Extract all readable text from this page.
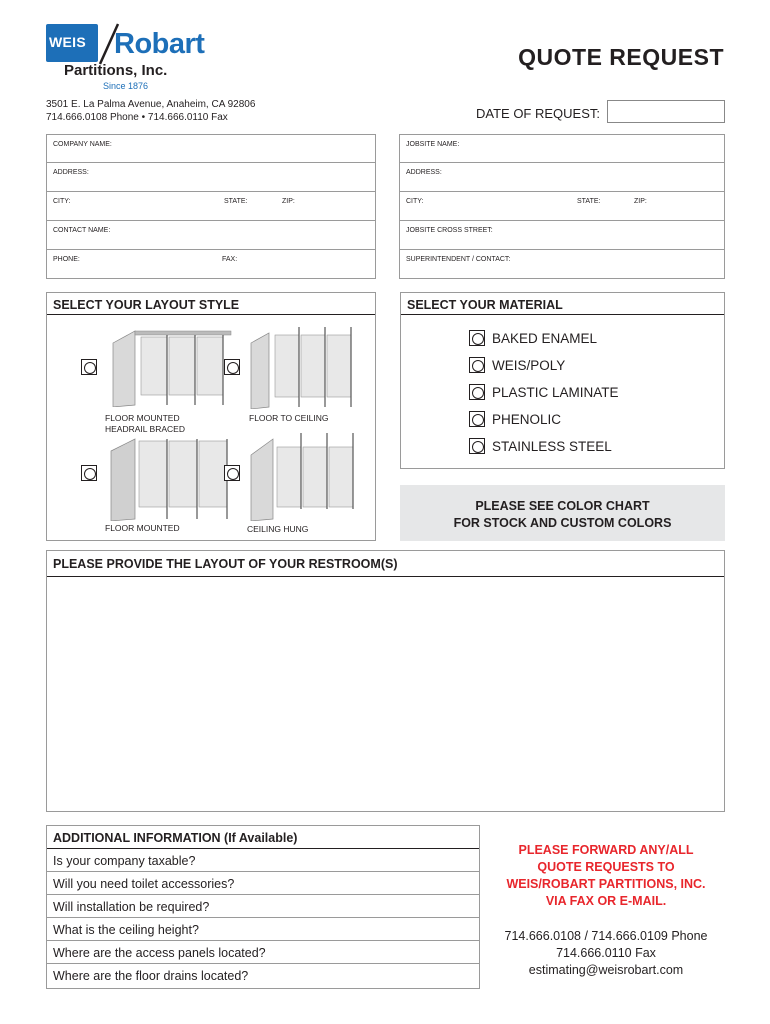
WEIS Robart
Partitions, Inc.
Since 1876
3501 E. La Palma Avenue, Anaheim, CA 92806
714.666.0108 Phone • 714.666.0110 Fax
QUOTE REQUEST
DATE OF REQUEST:
COMPANY NAME:
ADDRESS:
CITY:	STATE:	ZIP:
CONTACT NAME:
PHONE:	FAX:
JOBSITE NAME:
ADDRESS:
CITY:	STATE:	ZIP:
JOBSITE CROSS STREET:
SUPERINTENDENT / CONTACT:
SELECT YOUR LAYOUT STYLE
FLOOR MOUNTED
HEADRAIL BRACED
FLOOR TO CEILING
FLOOR MOUNTED	CEILING HUNG
SELECT YOUR MATERIAL
BAKED ENAMEL
WEIS/POLY
PLASTIC LAMINATE
PHENOLIC
STAINLESS STEEL
PLEASE SEE COLOR CHART
FOR STOCK AND CUSTOM COLORS
PLEASE PROVIDE THE LAYOUT OF YOUR RESTROOM(S)
ADDITIONAL INFORMATION (If Available)
Is your company taxable?
Will you need toilet accessories?
Will installation be required?
What is the ceiling height?
Where are the access panels located?
Where are the floor drains located?
PLEASE FORWARD ANY/ALL
QUOTE REQUESTS TO
WEIS/ROBART PARTITIONS, INC.
VIA FAX OR E-MAIL.
714.666.0108 / 714.666.0109 Phone
714.666.0110 Fax
estimating@weisrobart.com
